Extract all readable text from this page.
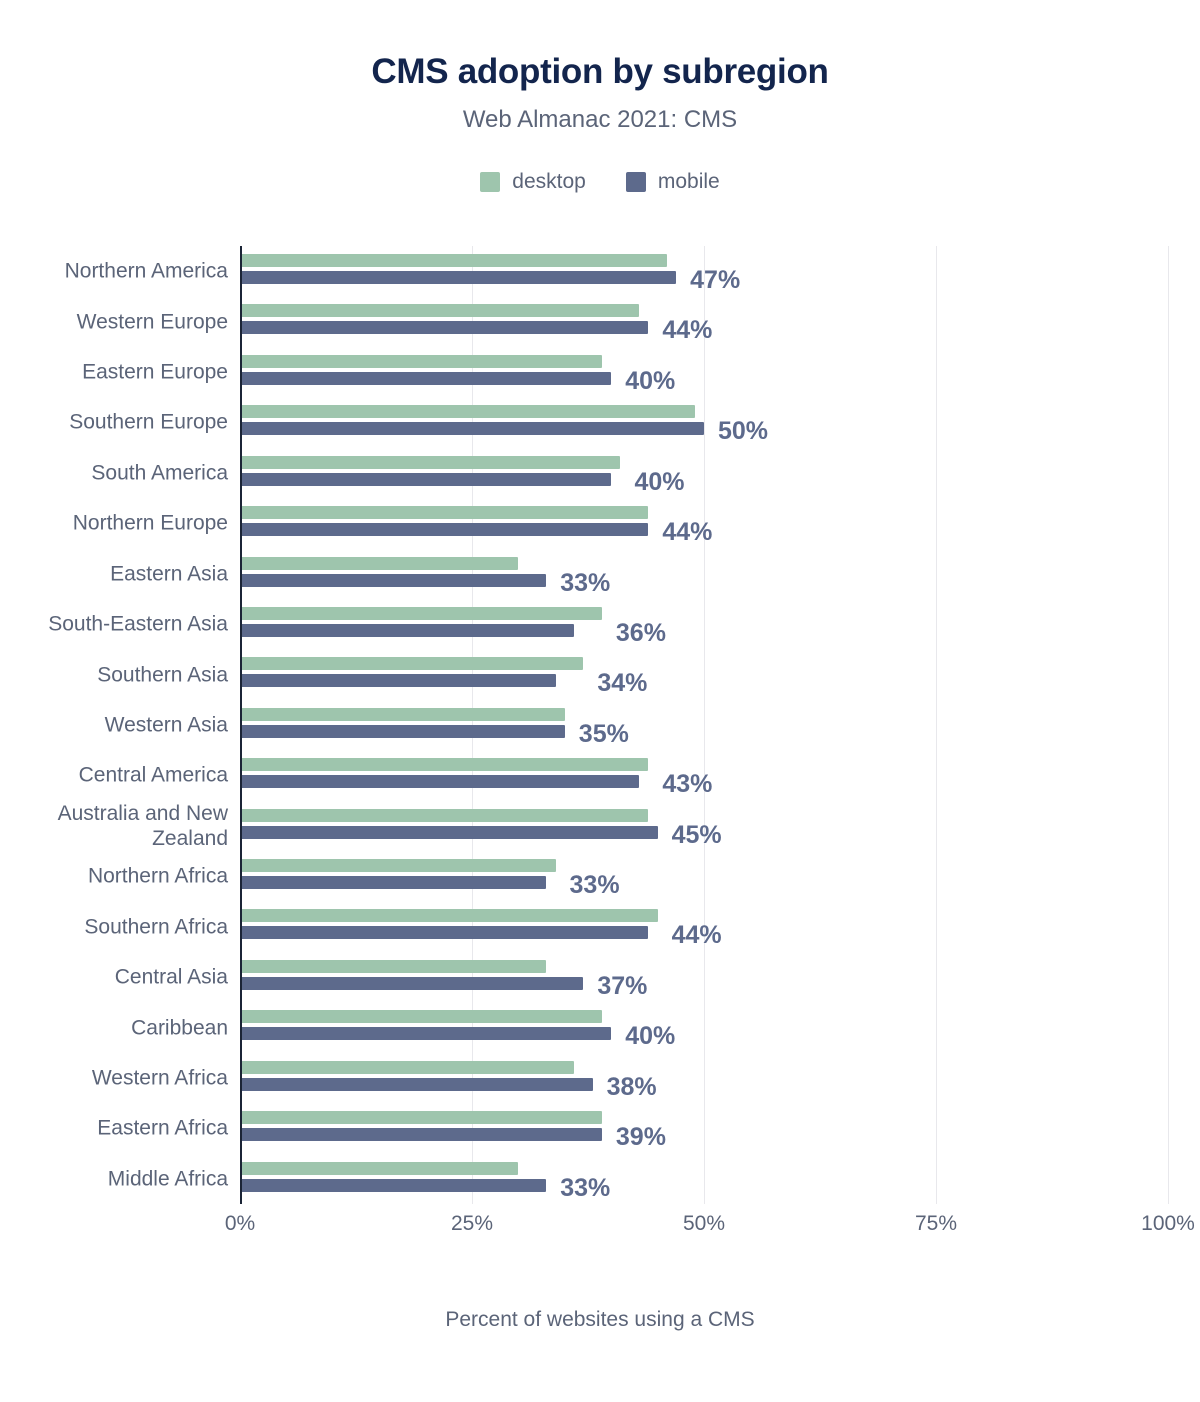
CMS adoption by subregion
Web Almanac 2021: CMS
desktop	mobile
Northern America	47%
Western Europe	44%
Eastern Europe	40%
Southern Europe	50%
South America	40%
Northern Europe	44%
Eastern Asia	33%
South-Eastern Asia	36%
Southern Asia	34%
Western Asia	35%
Central America	43%
Australia and New Zealand	45%
Northern Africa	33%
Southern Africa	44%
Central Asia	37%
Caribbean	40%
Western Africa	38%
Eastern Africa	39%
Middle Africa	33%
0%	25%	50%	75%	100%
Percent of websites using a CMS
